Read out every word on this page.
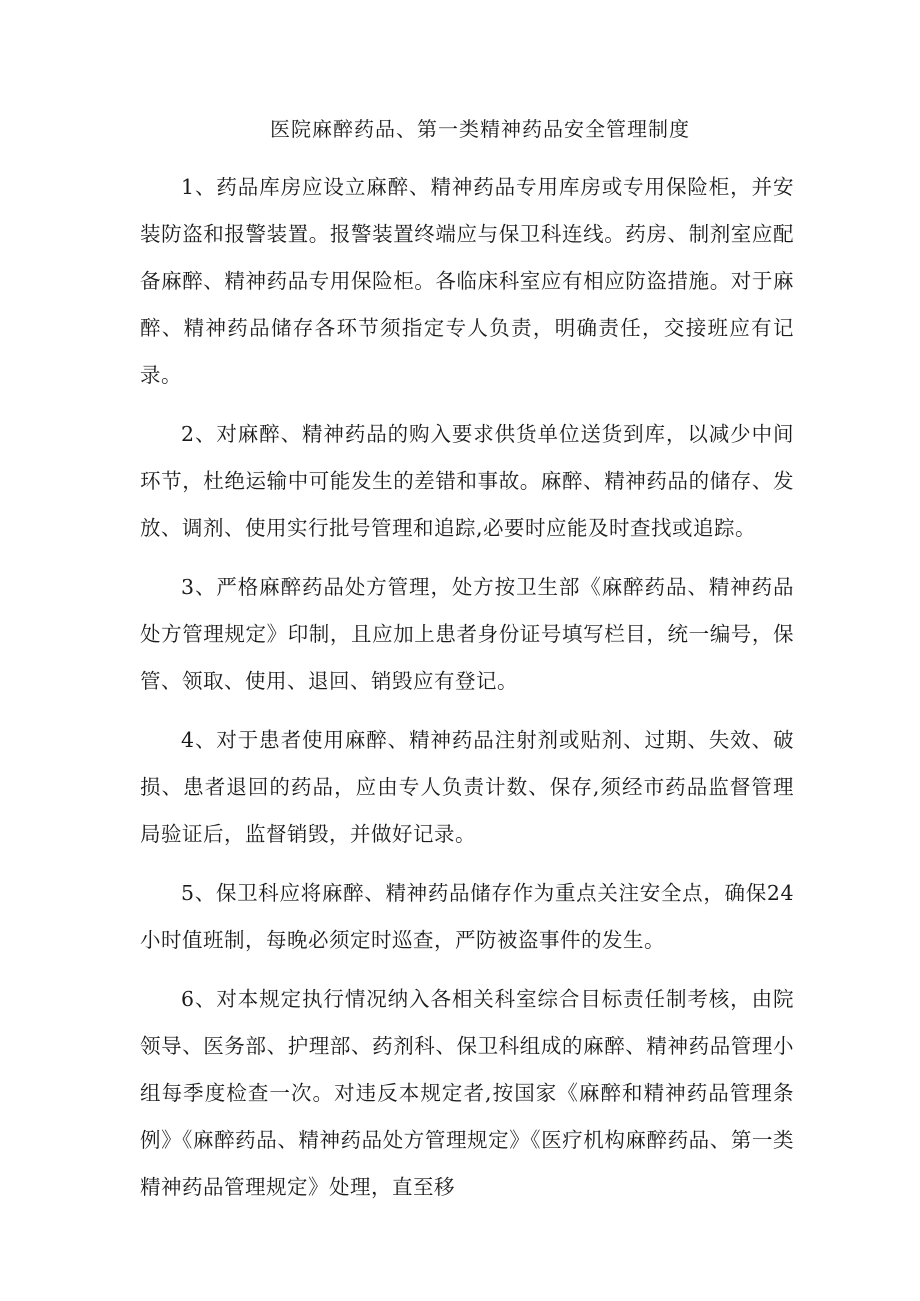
医院麻醉药品、第一类精神药品安全管理制度

1、药品库房应设立麻醉、精神药品专用库房或专用保险柜，并安装防盗和报警装置。报警装置终端应与保卫科连线。药房、制剂室应配备麻醉、精神药品专用保险柜。各临床科室应有相应防盗措施。对于麻醉、精神药品储存各环节须指定专人负责，明确责任，交接班应有记录。

2、对麻醉、精神药品的购入要求供货单位送货到库，以减少中间环节，杜绝运输中可能发生的差错和事故。麻醉、精神药品的储存、发放、调剂、使用实行批号管理和追踪,必要时应能及时查找或追踪。

3、严格麻醉药品处方管理，处方按卫生部《麻醉药品、精神药品处方管理规定》印制，且应加上患者身份证号填写栏目，统一编号，保管、领取、使用、退回、销毁应有登记。

4、对于患者使用麻醉、精神药品注射剂或贴剂、过期、失效、破损、患者退回的药品，应由专人负责计数、保存,须经市药品监督管理局验证后，监督销毁，并做好记录。

5、保卫科应将麻醉、精神药品储存作为重点关注安全点，确保24小时值班制，每晚必须定时巡查，严防被盗事件的发生。

6、对本规定执行情况纳入各相关科室综合目标责任制考核，由院领导、医务部、护理部、药剂科、保卫科组成的麻醉、精神药品管理小组每季度检查一次。对违反本规定者,按国家《麻醉和精神药品管理条例》《麻醉药品、精神药品处方管理规定》《医疗机构麻醉药品、第一类精神药品管理规定》处理，直至移
